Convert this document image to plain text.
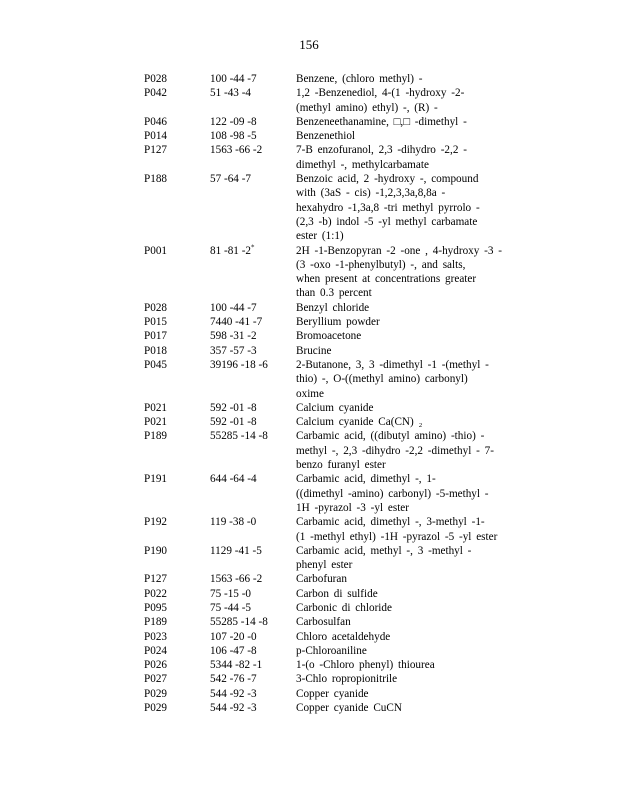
156
P028	100 -44 -7	Benzene, (chloro methyl) -
P042	51 -43 -4	1,2 -Benzenediol, 4-(1 -hydroxy -2-
(methyl amino) ethyl) -, (R) -
P046	122 -09 -8	Benzeneethanamine, □,□ -dimethyl -
P014	108 -98 -5	Benzenethiol
P127	1563 -66 -2	7-B enzofuranol, 2,3 -dihydro -2,2 -
dimethyl -, methylcarbamate
P188	57 -64 -7	Benzoic acid, 2 -hydroxy -, compound
with (3aS - cis) -1,2,3,3a,8,8a -
hexahydro -1,3a,8 -tri methyl pyrrolo -
(2,3 -b) indol -5 -yl methyl carbamate
ester (1:1)
P001	81 -81 -2*	2H -1-Benzopyran -2 -one , 4-hydroxy -3 -
(3 -oxo -1-phenylbutyl) -, and salts,
when present at concentrations greater
than 0.3 percent
P028	100 -44 -7	Benzyl chloride
P015	7440 -41 -7	Beryllium powder
P017	598 -31 -2	Bromoacetone
P018	357 -57 -3	Brucine
P045	39196 -18 -6	2-Butanone, 3, 3 -dimethyl -1 -(methyl -
thio) -, O-((methyl amino) carbonyl)
oxime
P021	592 -01 -8	Calcium cyanide
P021	592 -01 -8	Calcium cyanide Ca(CN) ₂
P189	55285 -14 -8	Carbamic acid, ((dibutyl amino) -thio) -
methyl -, 2,3 -dihydro -2,2 -dimethyl - 7-
benzo furanyl ester
P191	644 -64 -4	Carbamic acid, dimethyl -, 1-
((dimethyl -amino) carbonyl) -5-methyl -
1H -pyrazol -3 -yl ester
P192	119 -38 -0	Carbamic acid, dimethyl -, 3-methyl -1-
(1 -methyl ethyl) -1H -pyrazol -5 -yl ester
P190	1129 -41 -5	Carbamic acid, methyl -, 3 -methyl -
phenyl ester
P127	1563 -66 -2	Carbofuran
P022	75 -15 -0	Carbon di sulfide
P095	75 -44 -5	Carbonic di chloride
P189	55285 -14 -8	Carbosulfan
P023	107 -20 -0	Chloro acetaldehyde
P024	106 -47 -8	p-Chloroaniline
P026	5344 -82 -1	1-(o -Chloro phenyl) thiourea
P027	542 -76 -7	3-Chlo ropropionitrile
P029	544 -92 -3	Copper cyanide
P029	544 -92 -3	Copper cyanide CuCN
